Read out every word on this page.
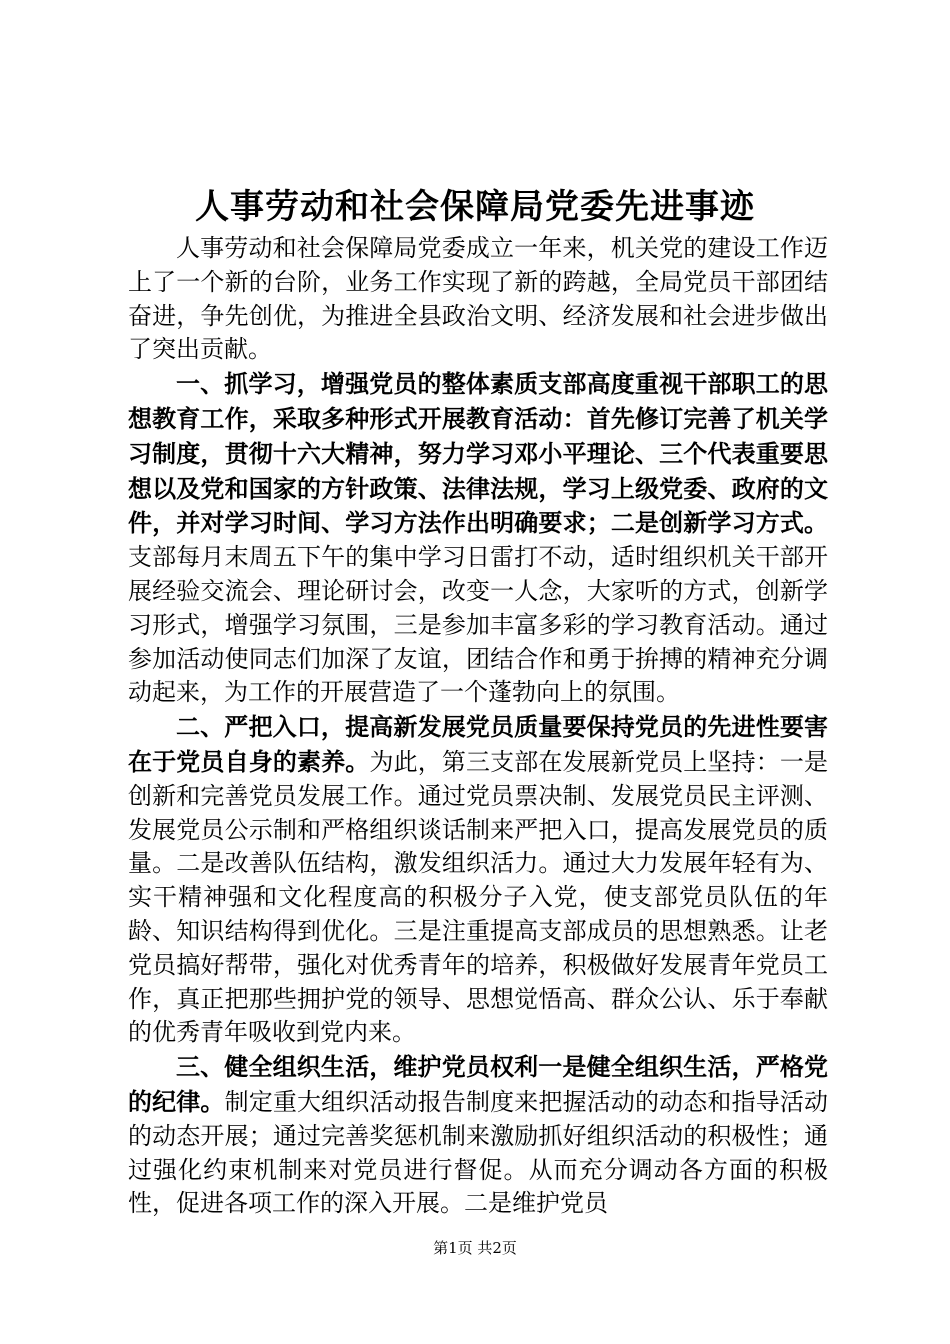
人事劳动和社会保障局党委先进事迹

人事劳动和社会保障局党委成立一年来，机关党的建设工作迈上了一个新的台阶，业务工作实现了新的跨越，全局党员干部团结奋进，争先创优，为推进全县政治文明、经济发展和社会进步做出了突出贡献。

一、抓学习，增强党员的整体素质支部高度重视干部职工的思想教育工作，采取多种形式开展教育活动：首先修订完善了机关学习制度，贯彻十六大精神，努力学习邓小平理论、三个代表重要思想以及党和国家的方针政策、法律法规，学习上级党委、政府的文件，并对学习时间、学习方法作出明确要求；二是创新学习方式。支部每月末周五下午的集中学习日雷打不动，适时组织机关干部开展经验交流会、理论研讨会，改变一人念，大家听的方式，创新学习形式，增强学习氛围，三是参加丰富多彩的学习教育活动。通过参加活动使同志们加深了友谊，团结合作和勇于拚搏的精神充分调动起来，为工作的开展营造了一个蓬勃向上的氛围。

二、严把入口，提高新发展党员质量要保持党员的先进性要害在于党员自身的素养。为此，第三支部在发展新党员上坚持：一是创新和完善党员发展工作。通过党员票决制、发展党员民主评测、发展党员公示制和严格组织谈话制来严把入口，提高发展党员的质量。二是改善队伍结构，激发组织活力。通过大力发展年轻有为、实干精神强和文化程度高的积极分子入党，使支部党员队伍的年龄、知识结构得到优化。三是注重提高支部成员的思想熟悉。让老党员搞好帮带，强化对优秀青年的培养，积极做好发展青年党员工作，真正把那些拥护党的领导、思想觉悟高、群众公认、乐于奉献的优秀青年吸收到党内来。

三、健全组织生活，维护党员权利一是健全组织生活，严格党的纪律。制定重大组织活动报告制度来把握活动的动态和指导活动的动态开展；通过完善奖惩机制来激励抓好组织活动的积极性；通过强化约束机制来对党员进行督促。从而充分调动各方面的积极性，促进各项工作的深入开展。二是维护党员

第1页 共2页
